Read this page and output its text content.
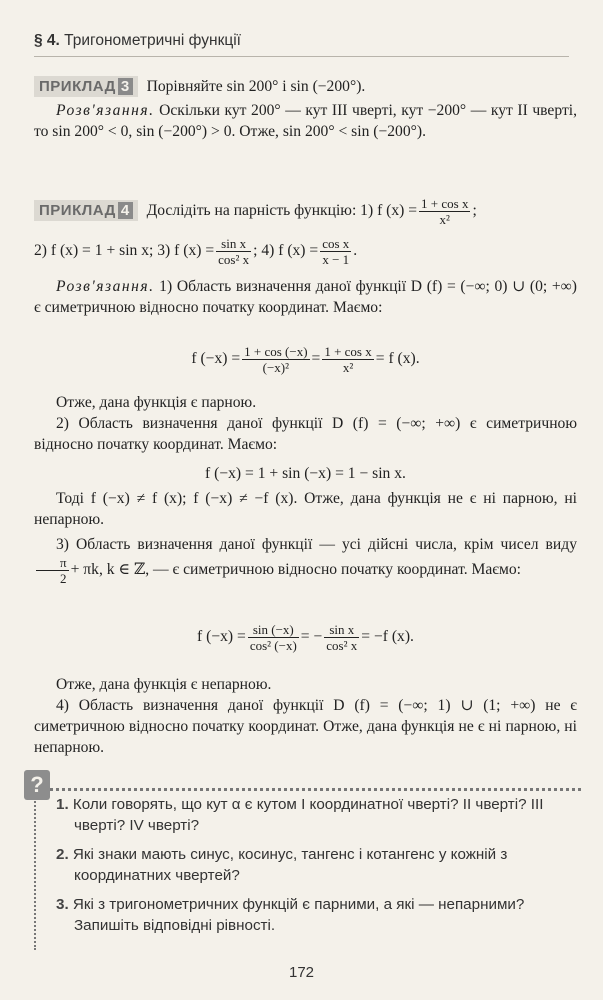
§ 4. Тригонометричні функції
ПРИКЛАД 3 Порівняйте sin 200° і sin (−200°).
Розв'язання. Оскільки кут 200° — кут III чверті, кут −200° — кут II чверті, то sin 200° < 0, sin (−200°) > 0. Отже, sin 200° < sin (−200°).
ПРИКЛАД 4 Дослідіть на парність функцію: 1) f $(x) = \frac{\text{1 + cos x}}{\text{x²}}$ ;
2) f (x) = 1 + sin x; 3) f $(x) = \frac{\text{sin x}}{\text{cos² x}}$ ; 4) f $(x) = \frac{\text{cos x}}{x - 1}$ .
Розв'язання. 1) Область визначення даної функції D (f) = (−∞; 0) ∪ (0; +∞) є симетричною відносно початку координат. Маємо:
f $(-x) = \frac{1 + \cos (-x)}{\text{(−x)²}} = \frac{\text{1 + cos x}}{\text{x²}} = f$ (x).
Отже, дана функція є парною.
2) Область визначення даної функції D (f) = (−∞; +∞) є симетричною відносно початку координат. Маємо:
f (−x) = 1 + sin (−x) = 1 − sin x.
Тоді f (−x) ≠ f (x); f (−x) ≠ −f (x). Отже, дана функція не є ні парною, ні непарною.
3) Область визначення даної функції — усі дійсні числа, крім чисел виду
$\frac{\pi}{2} + \pi k$, k ∈ ℤ, — є симетричною відносно початку координат. Маємо:
f $(-x) = \frac{\sin (-x)}{\text{cos² (−x)}}$ = − $\frac{\text{sin x}}{\text{cos² x}} = -f$ (x).
Отже, дана функція є непарною.
4) Область визначення даної функції D (f) = (−∞; 1) ∪ (1; +∞) не є симетричною відносно початку координат. Отже, дана функція не є ні парною, ні непарною.
?
1. Коли говорять, що кут α є кутом I координатної чверті? II чверті? III чверті? IV чверті?
2. Які знаки мають синус, косинус, тангенс і котангенс у кожній з координатних чвертей?
3. Які з тригонометричних функцій є парними, а які — непарними? Запишіть відповідні рівності.
172
